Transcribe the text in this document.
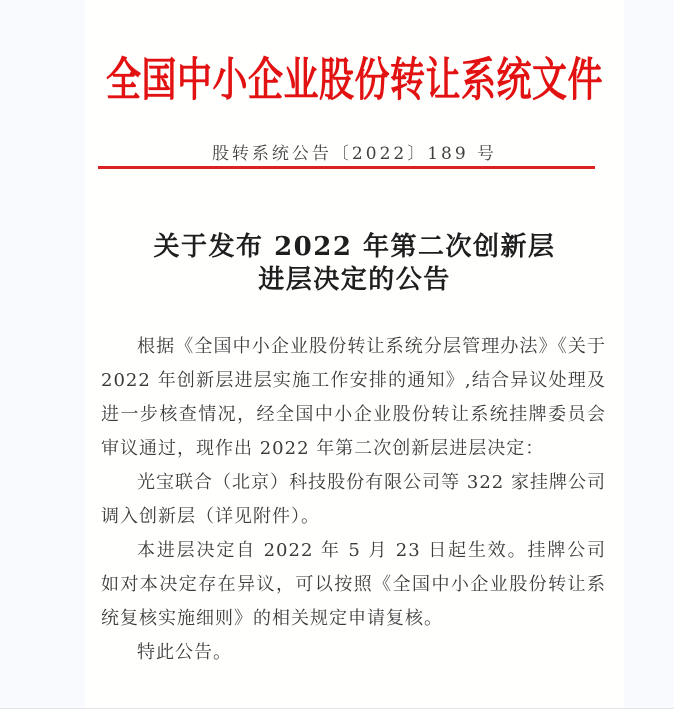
全国中小企业股份转让系统文件
股转系统公告〔2022〕189 号
关于发布 2022 年第二次创新层
进层决定的公告

根据《全国中小企业股份转让系统分层管理办法》《关于 2022 年创新层进层实施工作安排的通知》,结合异议处理及进一步核查情况，经全国中小企业股份转让系统挂牌委员会审议通过，现作出 2022 年第二次创新层进层决定：

光宝联合（北京）科技股份有限公司等 322 家挂牌公司调入创新层（详见附件）。

本进层决定自 2022 年 5 月 23 日起生效。挂牌公司如对本决定存在异议，可以按照《全国中小企业股份转让系统复核实施细则》的相关规定申请复核。

特此公告。
